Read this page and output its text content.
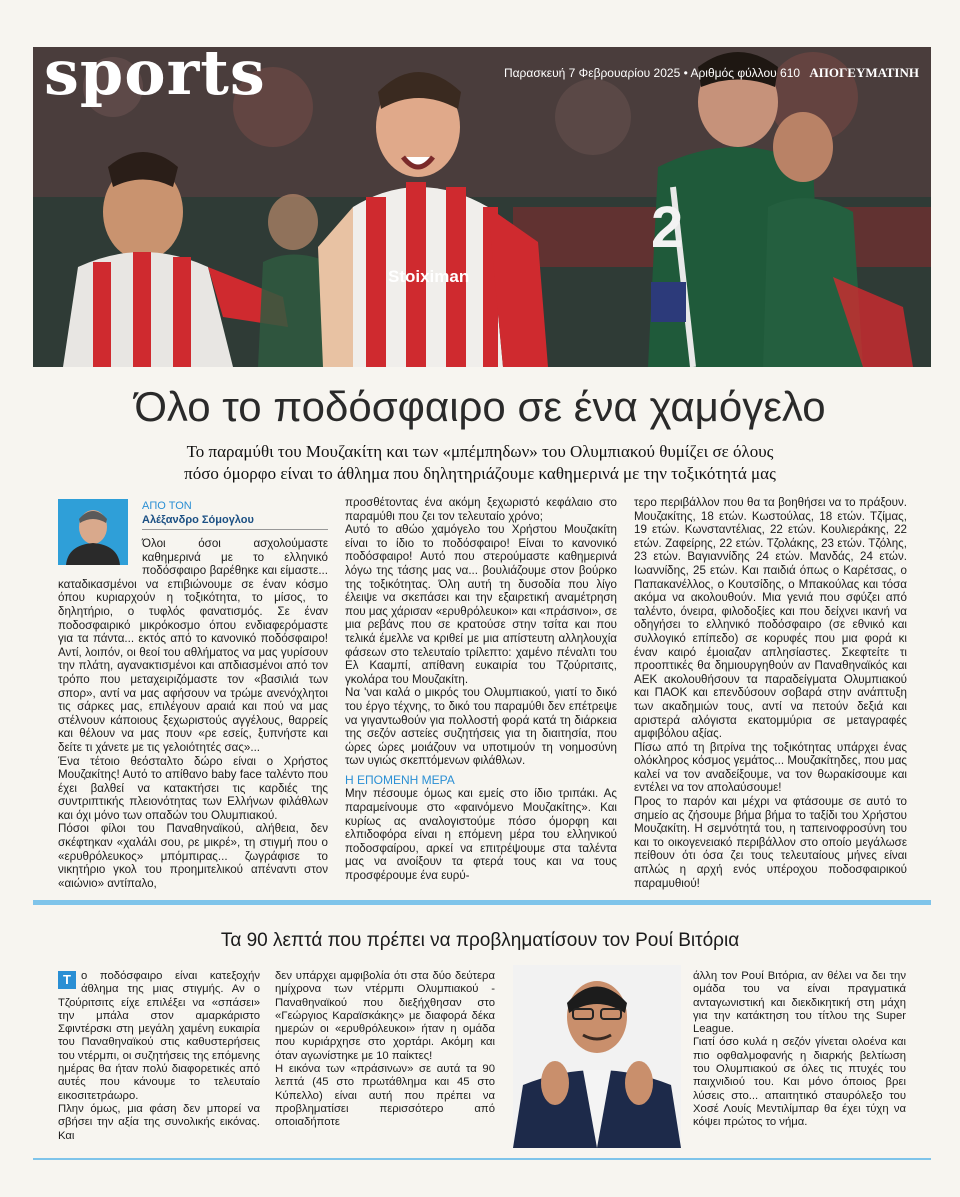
Stoiximan
2
sports	Παρασκευή 7 Φεβρουαρίου 2025 • Αριθμός φύλλου 610 ΑΠΟΓΕΥΜΑΤΙΝΗ
Όλο το ποδόσφαιρο σε ένα χαμόγελο
Το παραμύθι του Μουζακίτη και των «μπέμπηδων» του Ολυμπιακού θυμίζει σε όλους
πόσο όμορφο είναι το άθλημα που δηλητηριάζουμε καθημερινά με την τοξικότητά μας
ΑΠΟ ΤΟΝ
Αλέξανδρο Σόμογλου

Όλοι όσοι ασχολούμαστε καθημερινά με το ελληνικό ποδόσφαιρο βαρέθηκε και είμαστε... καταδικασμένοι να επιβιώνουμε σε έναν κόσμο όπου κυριαρχούν η τοξικότητα, το μίσος, το δηλητήριο, ο τυφλός φανατισμός. Σε έναν ποδοσφαιρικό μικρόκοσμο όπου ενδιαφερόμαστε για τα πάντα... εκτός από το κανονικό ποδόσφαιρο! Αντί, λοιπόν, οι θεοί του αθλήματος να μας γυρίσουν την πλάτη, αγανακτισμένοι και απδιασμένοι από τον τρόπο που μεταχειριζόμαστε τον «βασιλιά των σπορ», αντί να μας αφήσουν να τρώμε ανενόχλητοι τις σάρκες μας, επιλέγουν αραιά και πού να μας στέλνουν κάποιους ξεχωριστούς αγγέλους, θαρρείς και θέλουν να μας πουν «ρε εσείς, ξυπνήστε και δείτε τι χάνετε με τις γελοιότητές σας»...

Ένα τέτοιο θεόσταλτο δώρο είναι ο Χρήστος Μουζακίτης! Αυτό το απίθανο baby face ταλέντο που έχει βαλθεί να κατακτήσει τις καρδιές της συντριπτικής πλειονότητας των Ελλήνων φιλάθλων και όχι μόνο των οπαδών του Ολυμπιακού.

Πόσοι φίλοι του Παναθηναϊκού, αλήθεια, δεν σκέφτηκαν «χαλάλι σου, ρε μικρέ», τη στιγμή που ο «ερυθρόλευκος» μπόμπιρας... ζωγράφισε το νικητήριο γκολ του προημιτελικού απέναντι στον «αιώνιο» αντίπαλο,

προσθέτοντας ένα ακόμη ξεχωριστό κεφάλαιο στο παραμύθι που ζει τον τελευταίο χρόνο;

Αυτό το αθώο χαμόγελο του Χρήστου Μουζακίτη είναι το ίδιο το ποδόσφαιρο! Είναι το κανονικό ποδόσφαιρο! Αυτό που στερούμαστε καθημερινά λόγω της τάσης μας να... βουλιάζουμε στον βούρκο της τοξικότητας. Όλη αυτή τη δυσοδία που λίγο έλειψε να σκεπάσει και την εξαιρετική αναμέτρηση που μας χάρισαν «ερυθρόλευκοι» και «πράσινοι», σε μια ρεβάνς που σε κρατούσε στην τσίτα και που τελικά έμελλε να κριθεί με μια απίστευτη αλληλουχία φάσεων στο τελευταίο τρίλεπτο: χαμένο πέναλτι του Ελ Κααμπί, απίθανη ευκαιρία του Τζούριτσιτς, γκολάρα του Μουζακίτη.

Να 'ναι καλά ο μικρός του Ολυμπιακού, γιατί το δικό του έργο τέχνης, το δικό του παραμύθι δεν επέτρεψε να γιγαντωθούν για πολλοστή φορά κατά τη διάρκεια της σεζόν αστείες συζητήσεις για τη διαιτησία, που ώρες ώρες μοιάζουν να υποτιμούν τη νοημοσύνη των υγιώς σκεπτόμενων φιλάθλων.

Η ΕΠΟΜΕΝΗ ΜΕΡΑ

Μην πέσουμε όμως και εμείς στο ίδιο τριπάκι. Ας παραμείνουμε στο «φαινόμενο Μουζακίτης». Και κυρίως ας αναλογιστούμε πόσο όμορφη και ελπιδοφόρα είναι η επόμενη μέρα του ελληνικού ποδοσφαίρου, αρκεί να επιτρέψουμε στα ταλέντα μας να ανοίξουν τα φτερά τους και να τους προσφέρουμε ένα ευρύ-

τερο περιβάλλον που θα τα βοηθήσει να το πράξουν. Μουζακίτης, 18 ετών. Κωστούλας, 18 ετών. Τζίμας, 19 ετών. Κωνσταντέλιας, 22 ετών. Κουλιεράκης, 22 ετών. Ζαφείρης, 22 ετών. Τζολάκης, 23 ετών. Τζόλης, 23 ετών. Βαγιαννίδης 24 ετών. Μανδάς, 24 ετών. Ιωαννίδης, 25 ετών. Και παιδιά όπως ο Καρέτσας, ο Παπακανέλλος, ο Κουτσίδης, ο Μπακούλας και τόσα ακόμα να ακολουθούν. Μια γενιά που σφύζει από ταλέντο, όνειρα, φιλοδοξίες και που δείχνει ικανή να οδηγήσει το ελληνικό ποδόσφαιρο (σε εθνικό και συλλογικό επίπεδο) σε κορυφές που μια φορά κι έναν καιρό έμοιαζαν απλησίαστες. Σκεφτείτε τι προοπτικές θα δημιουργηθούν αν Παναθηναϊκός και ΑΕΚ ακολουθήσουν τα παραδείγματα Ολυμπιακού και ΠΑΟΚ και επενδύσουν σοβαρά στην ανάπτυξη των ακαδημιών τους, αντί να πετούν δεξιά και αριστερά αλόγιστα εκατομμύρια σε μεταγραφές αμφιβόλου αξίας.

Πίσω από τη βιτρίνα της τοξικότητας υπάρχει ένας ολόκληρος κόσμος γεμάτος... Μουζακίτηδες, που μας καλεί να τον αναδείξουμε, να τον θωρακίσουμε και εντέλει να τον απολαύσουμε!

Προς το παρόν και μέχρι να φτάσουμε σε αυτό το σημείο ας ζήσουμε βήμα βήμα το ταξίδι του Χρήστου Μουζακίτη. Η σεμνότητά του, η ταπεινοφροσύνη του και το οικογενειακό περιβάλλον στο οποίο μεγάλωσε πείθουν ότι όσα ζει τους τελευταίους μήνες είναι απλώς η αρχή ενός υπέροχου ποδοσφαιρικού παραμυθιού!

Τα 90 λεπτά που πρέπει να προβληματίσουν τον Ρουί Βιτόρια

Τ ο ποδόσφαιρο είναι κατεξοχήν άθλημα της μιας στιγμής. Αν ο Τζούριτσιτς είχε επιλέξει να «σπάσει» την μπάλα στον αμαρκάριστο Σφιντέρσκι στη μεγάλη χαμένη ευκαιρία του Παναθηναϊκού στις καθυστερήσεις του ντέρμπι, οι συζητήσεις της επόμενης ημέρας θα ήταν πολύ διαφορετικές από αυτές που κάνουμε το τελευταίο εικοσιτετράωρο.

Πλην όμως, μια φάση δεν μπορεί να σβήσει την αξία της συνολικής εικόνας. Και

δεν υπάρχει αμφιβολία ότι στα δύο δεύτερα ημίχρονα των ντέρμπι Ολυμπιακού - Παναθηναϊκού που διεξήχθησαν στο «Γεώργιος Καραϊσκάκης» με διαφορά δέκα ημερών οι «ερυθρόλευκοι» ήταν η ομάδα που κυριάρχησε στο χορτάρι. Ακόμη και όταν αγωνίστηκε με 10 παίκτες!

Η εικόνα των «πράσινων» σε αυτά τα 90 λεπτά (45 στο πρωτάθλημα και 45 στο Κύπελλο) είναι αυτή που πρέπει να προβληματίσει περισσότερο από οποιαδήποτε

άλλη τον Ρουί Βιτόρια, αν θέλει να δει την ομάδα του να είναι πραγματικά ανταγωνιστική και διεκδικητική στη μάχη για την κατάκτηση του τίτλου της Super League.

Γιατί όσο κυλά η σεζόν γίνεται ολοένα και πιο οφθαλμοφανής η διαρκής βελτίωση του Ολυμπιακού σε όλες τις πτυχές του παιχνιδιού του. Και μόνο όποιος βρει λύσεις στο... απαιτητικό σταυρόλεξο του Χοσέ Λουίς Μεντιλίμπαρ θα έχει τύχη να κόψει πρώτος το νήμα.
